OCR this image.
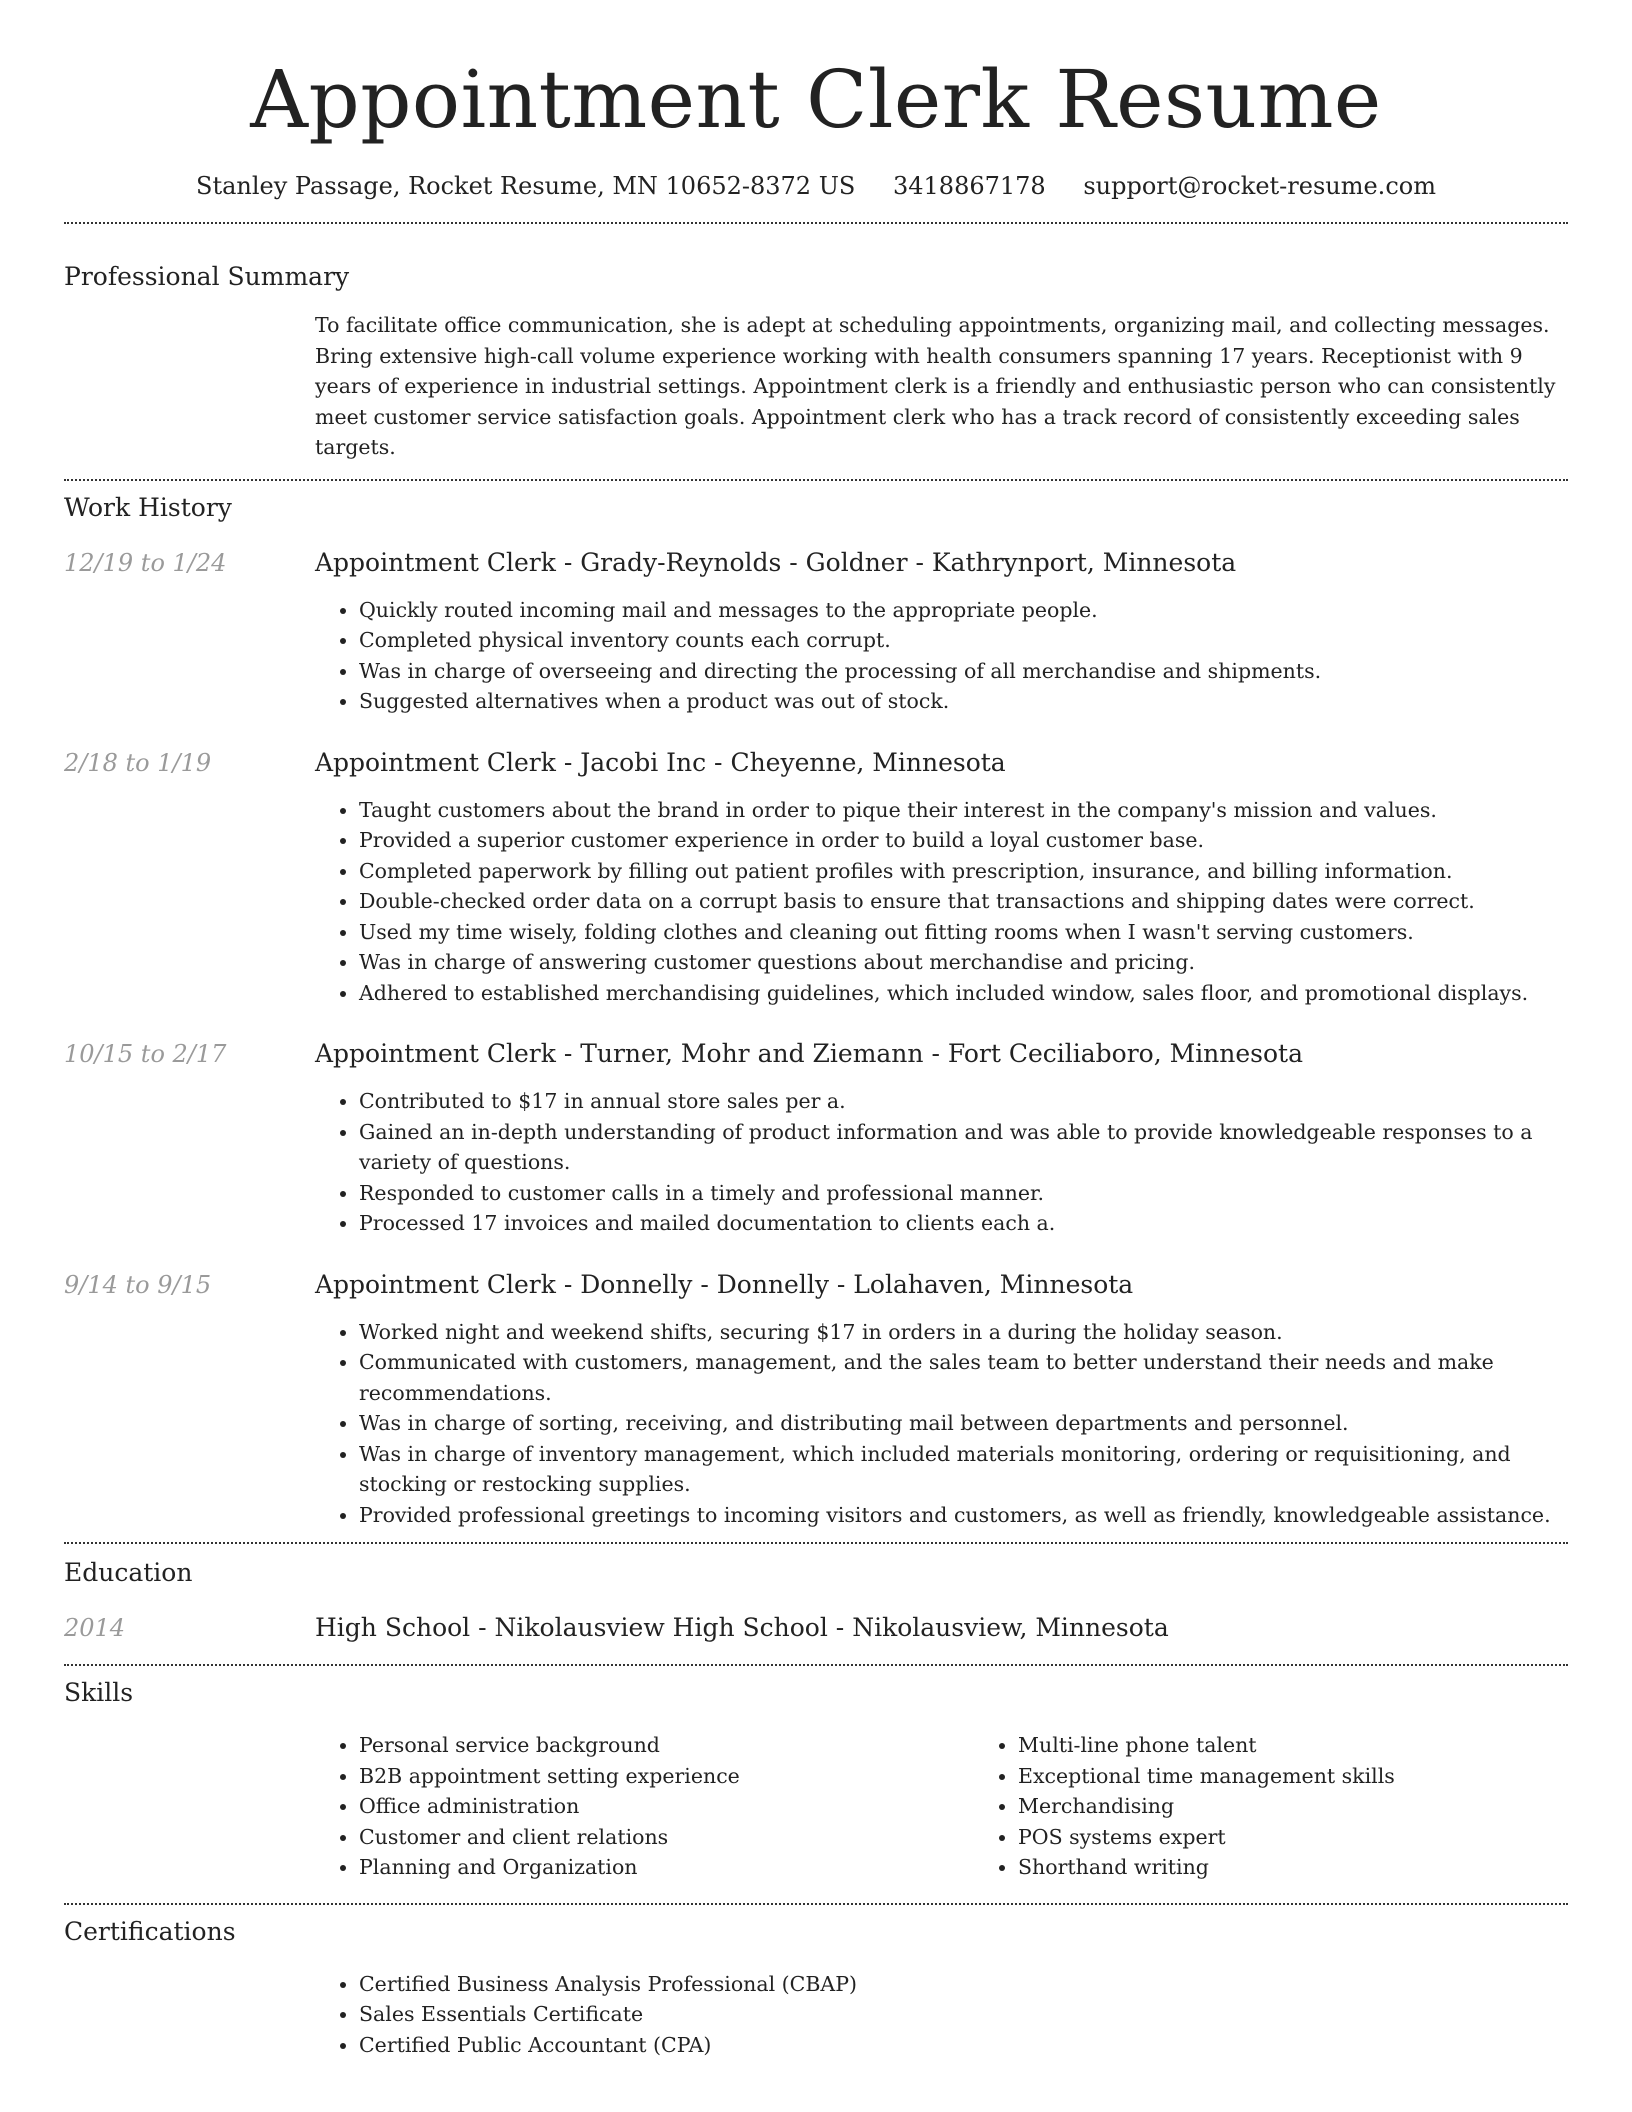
Appointment Clerk Resume
Stanley Passage, Rocket Resume, MN 10652-8372 US 3418867178 support@rocket-resume.com
Professional Summary
To facilitate office communication, she is adept at scheduling appointments, organizing mail, and collecting messages. Bring extensive high-call volume experience working with health consumers spanning 17 years. Receptionist with 9 years of experience in industrial settings. Appointment clerk is a friendly and enthusiastic person who can consistently meet customer service satisfaction goals. Appointment clerk who has a track record of consistently exceeding sales targets.
Work History
12/19 to 1/24	Appointment Clerk - Grady-Reynolds - Goldner - Kathrynport, Minnesota
• Quickly routed incoming mail and messages to the appropriate people.
• Completed physical inventory counts each corrupt.
• Was in charge of overseeing and directing the processing of all merchandise and shipments.
• Suggested alternatives when a product was out of stock.
2/18 to 1/19	Appointment Clerk - Jacobi Inc - Cheyenne, Minnesota
• Taught customers about the brand in order to pique their interest in the company's mission and values.
• Provided a superior customer experience in order to build a loyal customer base.
• Completed paperwork by filling out patient profiles with prescription, insurance, and billing information.
• Double-checked order data on a corrupt basis to ensure that transactions and shipping dates were correct.
• Used my time wisely, folding clothes and cleaning out fitting rooms when I wasn't serving customers.
• Was in charge of answering customer questions about merchandise and pricing.
• Adhered to established merchandising guidelines, which included window, sales floor, and promotional displays.
10/15 to 2/17	Appointment Clerk - Turner, Mohr and Ziemann - Fort Ceciliaboro, Minnesota
• Contributed to $17 in annual store sales per a.
• Gained an in-depth understanding of product information and was able to provide knowledgeable responses to a variety of questions.
• Responded to customer calls in a timely and professional manner.
• Processed 17 invoices and mailed documentation to clients each a.
9/14 to 9/15	Appointment Clerk - Donnelly - Donnelly - Lolahaven, Minnesota
• Worked night and weekend shifts, securing $17 in orders in a during the holiday season.
• Communicated with customers, management, and the sales team to better understand their needs and make recommendations.
• Was in charge of sorting, receiving, and distributing mail between departments and personnel.
• Was in charge of inventory management, which included materials monitoring, ordering or requisitioning, and stocking or restocking supplies.
• Provided professional greetings to incoming visitors and customers, as well as friendly, knowledgeable assistance.
Education
2014	High School - Nikolausview High School - Nikolausview, Minnesota
Skills
• Personal service background
• B2B appointment setting experience
• Office administration
• Customer and client relations
• Planning and Organization
• Multi-line phone talent
• Exceptional time management skills
• Merchandising
• POS systems expert
• Shorthand writing
Certifications
• Certified Business Analysis Professional (CBAP)
• Sales Essentials Certificate
• Certified Public Accountant (CPA)
